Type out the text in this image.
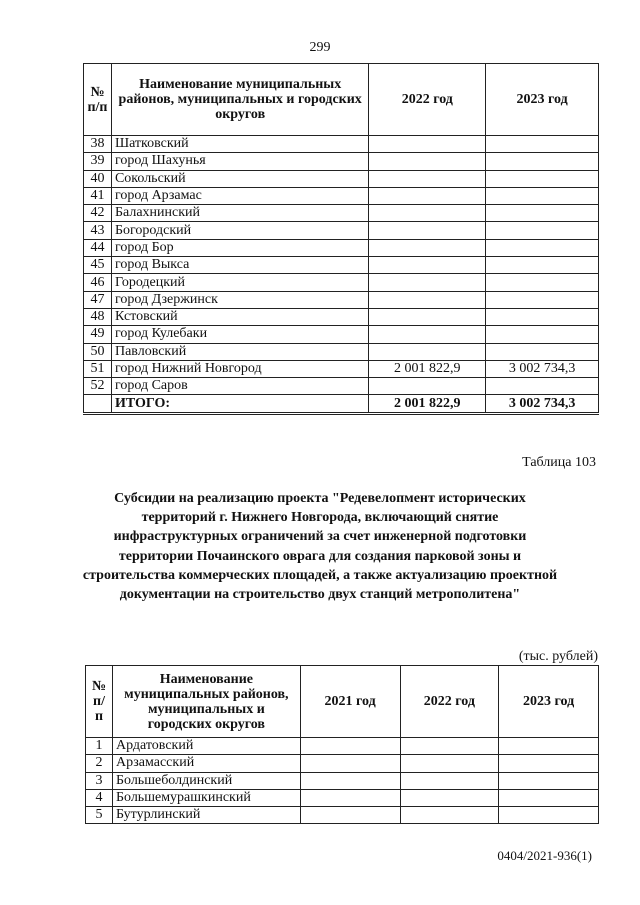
299
№ п/п	Наименование муниципальных районов, муниципальных и городских округов	2022 год	2023 год
38	Шатковский		
39	город Шахунья		
40	Сокольский		
41	город Арзамас		
42	Балахнинский		
43	Богородский		
44	город Бор		
45	город Выкса		
46	Городецкий		
47	город Дзержинск		
48	Кстовский		
49	город Кулебаки		
50	Павловский		
51	город Нижний Новгород	2 001 822,9	3 002 734,3
52	город Саров		
	ИТОГО:	2 001 822,9	3 002 734,3
Таблица 103
Субсидии на реализацию проекта "Редевелопмент исторических территорий г. Нижнего Новгорода, включающий снятие инфраструктурных ограничений за счет инженерной подготовки территории Почаинского оврага для создания парковой зоны и строительства коммерческих площадей, а также актуализацию проектной документации на строительство двух станций метрополитена"
(тыс. рублей)
№ п/п	Наименование муниципальных районов, муниципальных и городских округов	2021 год	2022 год	2023 год
1	Ардатовский			
2	Арзамасский			
3	Большеболдинский			
4	Большемурашкинский			
5	Бутурлинский			
0404/2021-936(1)
